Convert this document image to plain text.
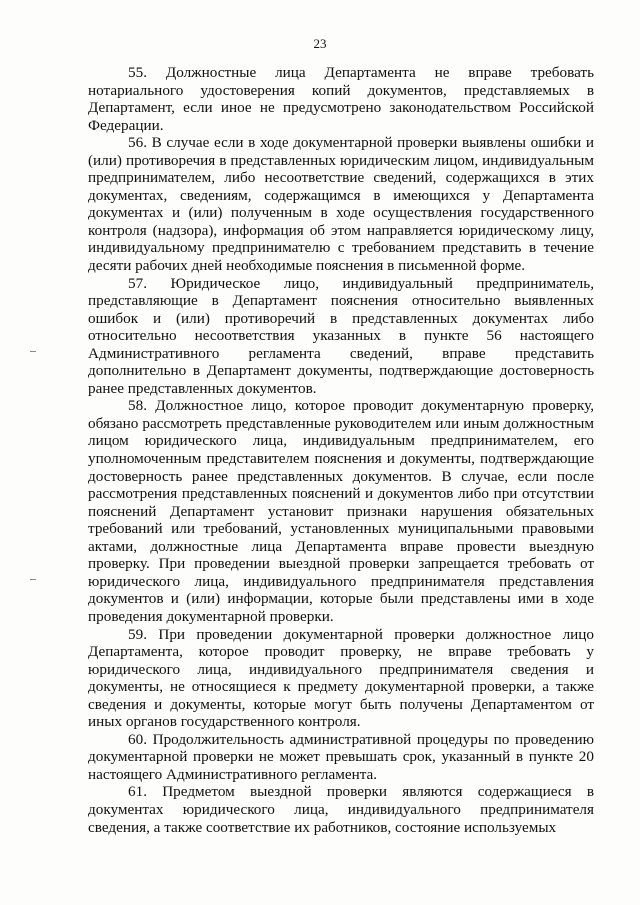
23

55. Должностные лица Департамента не вправе требовать нотариального удостоверения копий документов, представляемых в Департамент, если иное не предусмотрено законодательством Российской Федерации.

56. В случае если в ходе документарной проверки выявлены ошибки и (или) противоречия в представленных юридическим лицом, индивидуальным предпринимателем, либо несоответствие сведений, содержащихся в этих документах, сведениям, содержащимся в имеющихся у Департамента документах и (или) полученным в ходе осуществления государственного контроля (надзора), информация об этом направляется юридическому лицу, индивидуальному предпринимателю с требованием представить в течение десяти рабочих дней необходимые пояснения в письменной форме.

57. Юридическое лицо, индивидуальный предприниматель, представляющие в Департамент пояснения относительно выявленных ошибок и (или) противоречий в представленных документах либо относительно несоответствия указанных в пункте 56 настоящего Административного регламента сведений, вправе представить дополнительно в Департамент документы, подтверждающие достоверность ранее представленных документов.

58. Должностное лицо, которое проводит документарную проверку, обязано рассмотреть представленные руководителем или иным должностным лицом юридического лица, индивидуальным предпринимателем, его уполномоченным представителем пояснения и документы, подтверждающие достоверность ранее представленных документов. В случае, если после рассмотрения представленных пояснений и документов либо при отсутствии пояснений Департамент установит признаки нарушения обязательных требований или требований, установленных муниципальными правовыми актами, должностные лица Департамента вправе провести выездную проверку. При проведении выездной проверки запрещается требовать от юридического лица, индивидуального предпринимателя представления документов и (или) информации, которые были представлены ими в ходе проведения документарной проверки.

59. При проведении документарной проверки должностное лицо Департамента, которое проводит проверку, не вправе требовать у юридического лица, индивидуального предпринимателя сведения и документы, не относящиеся к предмету документарной проверки, а также сведения и документы, которые могут быть получены Департаментом от иных органов государственного контроля.

60. Продолжительность административной процедуры по проведению документарной проверки не может превышать срок, указанный в пункте 20 настоящего Административного регламента.

61. Предметом выездной проверки являются содержащиеся в документах юридического лица, индивидуального предпринимателя сведения, а также соответствие их работников, состояние используемых
